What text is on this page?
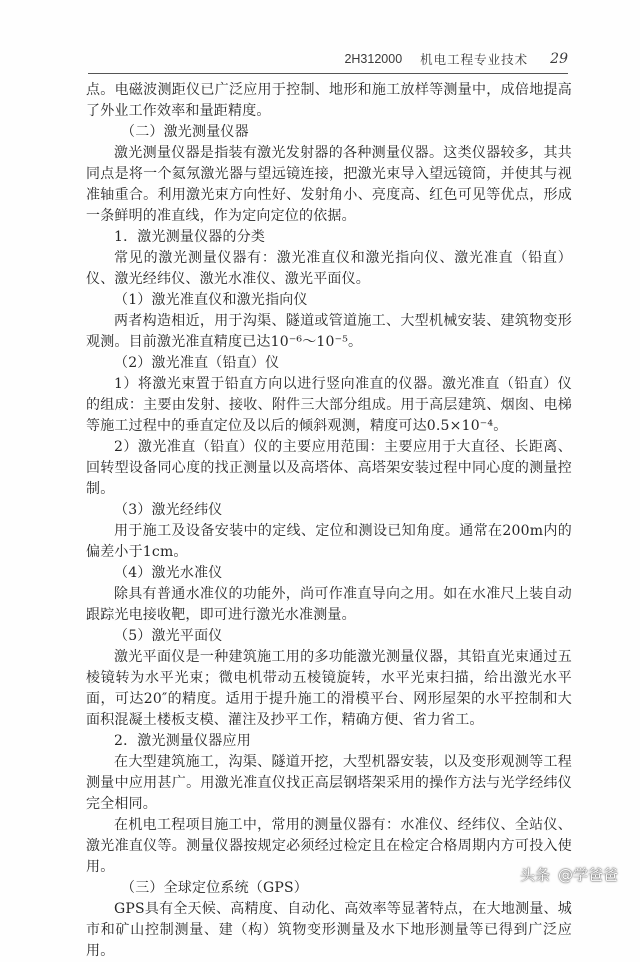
2H312000 机电工程专业技术 29

点。电磁波测距仪已广泛应用于控制、地形和施工放样等测量中，成倍地提高了外业工作效率和量距精度。

（二）激光测量仪器

激光测量仪器是指装有激光发射器的各种测量仪器。这类仪器较多，其共同点是将一个氦氖激光器与望远镜连接，把激光束导入望远镜筒，并使其与视准轴重合。利用激光束方向性好、发射角小、亮度高、红色可见等优点，形成一条鲜明的准直线，作为定向定位的依据。

1．激光测量仪器的分类

常见的激光测量仪器有：激光准直仪和激光指向仪、激光准直（铅直）仪、激光经纬仪、激光水准仪、激光平面仪。

（1）激光准直仪和激光指向仪

两者构造相近，用于沟渠、隧道或管道施工、大型机械安装、建筑物变形观测。目前激光准直精度已达10⁻⁶～10⁻⁵。

（2）激光准直（铅直）仪

1）将激光束置于铅直方向以进行竖向准直的仪器。激光准直（铅直）仪的组成：主要由发射、接收、附件三大部分组成。用于高层建筑、烟囱、电梯等施工过程中的垂直定位及以后的倾斜观测，精度可达0.5×10⁻⁴。

2）激光准直（铅直）仪的主要应用范围：主要应用于大直径、长距离、回转型设备同心度的找正测量以及高塔体、高塔架安装过程中同心度的测量控制。

（3）激光经纬仪

用于施工及设备安装中的定线、定位和测设已知角度。通常在200m内的偏差小于1cm。

（4）激光水准仪

除具有普通水准仪的功能外，尚可作准直导向之用。如在水准尺上装自动跟踪光电接收靶，即可进行激光水准测量。

（5）激光平面仪

激光平面仪是一种建筑施工用的多功能激光测量仪器，其铅直光束通过五棱镜转为水平光束；微电机带动五棱镜旋转，水平光束扫描，给出激光水平面，可达20″的精度。适用于提升施工的滑模平台、网形屋架的水平控制和大面积混凝土楼板支模、灌注及抄平工作，精确方便、省力省工。

2．激光测量仪器应用

在大型建筑施工，沟渠、隧道开挖，大型机器安装，以及变形观测等工程测量中应用甚广。用激光准直仪找正高层钢塔架采用的操作方法与光学经纬仪完全相同。

在机电工程项目施工中，常用的测量仪器有：水准仪、经纬仪、全站仪、激光准直仪等。测量仪器按规定必须经过检定且在检定合格周期内方可投入使用。

（三）全球定位系统（GPS）

GPS具有全天候、高精度、自动化、高效率等显著特点，在大地测量、城市和矿山控制测量、建（构）筑物变形测量及水下地形测量等已得到广泛应用。

头条 @学爸爸
